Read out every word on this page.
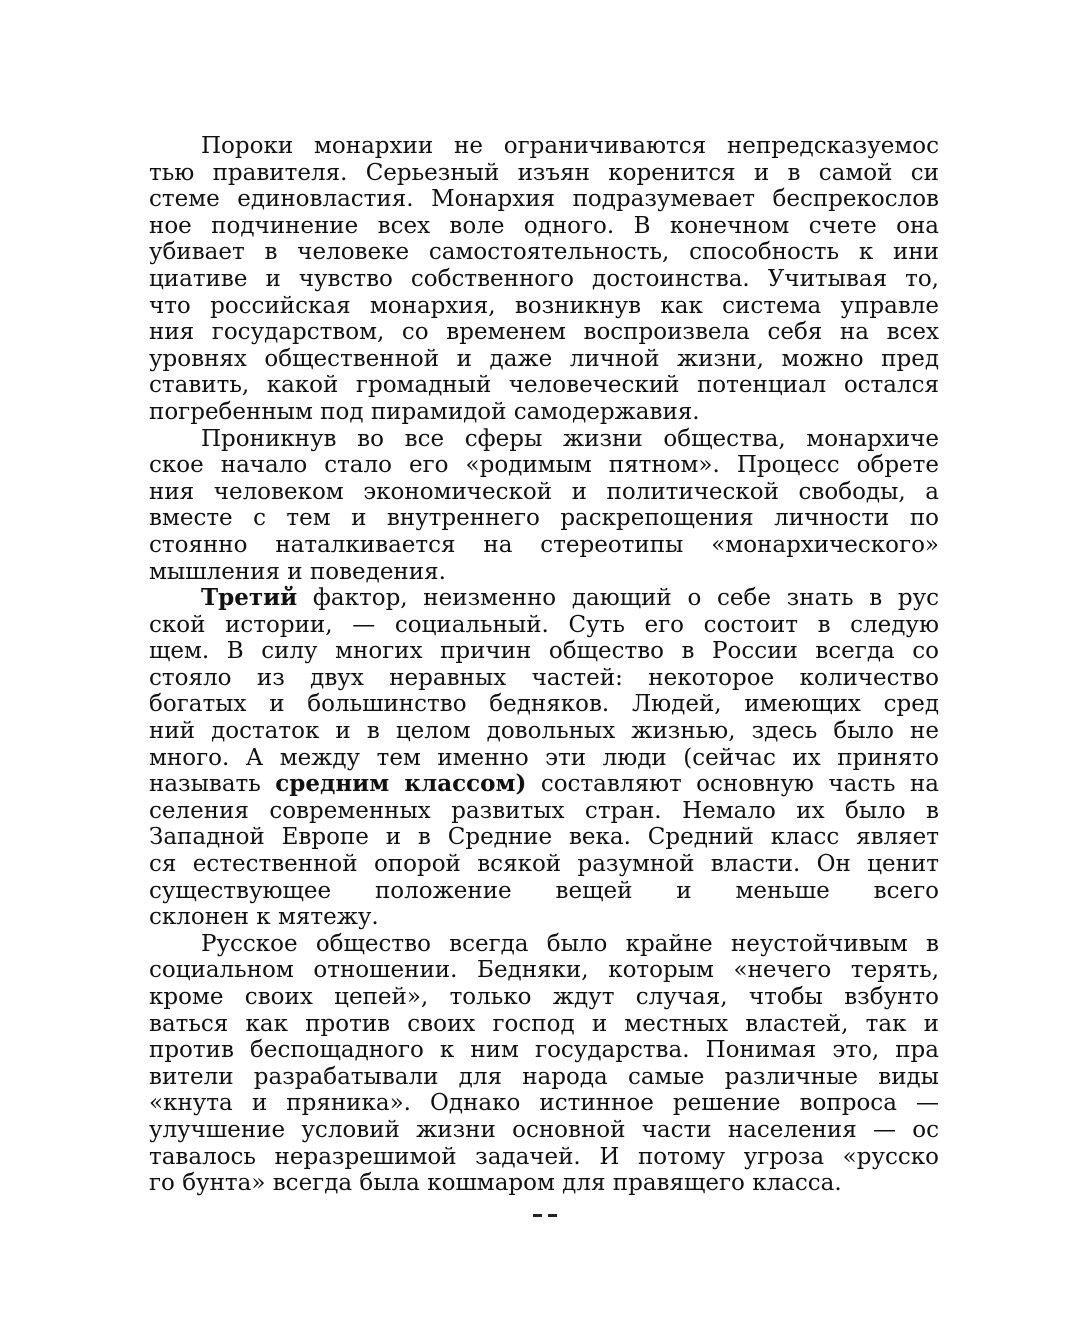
Пороки монархии не ограничиваются непредсказуемос
тью правителя. Серьезный изъян коренится и в самой си
стеме единовластия. Монархия подразумевает беспрекослов
ное подчинение всех воле одного. В конечном счете она
убивает в человеке самостоятельность, способность к ини
циативе и чувство собственного достоинства. Учитывая то,
что российская монархия, возникнув как система управле
ния государством, со временем воспроизвела себя на всех
уровнях общественной и даже личной жизни, можно пред
ставить, какой громадный человеческий потенциал остался
погребенным под пирамидой самодержавия.
Проникнув во все сферы жизни общества, монархиче
ское начало стало его «родимым пятном». Процесс обрете
ния человеком экономической и политической свободы, а
вместе с тем и внутреннего раскрепощения личности по
стоянно наталкивается на стереотипы «монархического»
мышления и поведения.
Третий фактор, неизменно дающий о себе знать в рус
ской истории, — социальный. Суть его состоит в следую
щем. В силу многих причин общество в России всегда со
стояло из двух неравных частей: некоторое количество
богатых и большинство бедняков. Людей, имеющих сред
ний достаток и в целом довольных жизнью, здесь было не
много. А между тем именно эти люди (сейчас их принято
называть средним классом) составляют основную часть на
селения современных развитых стран. Немало их было в
Западной Европе и в Средние века. Средний класс являет
ся естественной опорой всякой разумной власти. Он ценит
существующее положение вещей и меньше всего
склонен к мятежу.
Русское общество всегда было крайне неустойчивым в
социальном отношении. Бедняки, которым «нечего терять,
кроме своих цепей», только ждут случая, чтобы взбунто
ваться как против своих господ и местных властей, так и
против беспощадного к ним государства. Понимая это, пра
вители разрабатывали для народа самые различные виды
«кнута и пряника». Однако истинное решение вопроса —
улучшение условий жизни основной части населения — ос
тавалось неразрешимой задачей. И потому угроза «русско
го бунта» всегда была кошмаром для правящего класса.
